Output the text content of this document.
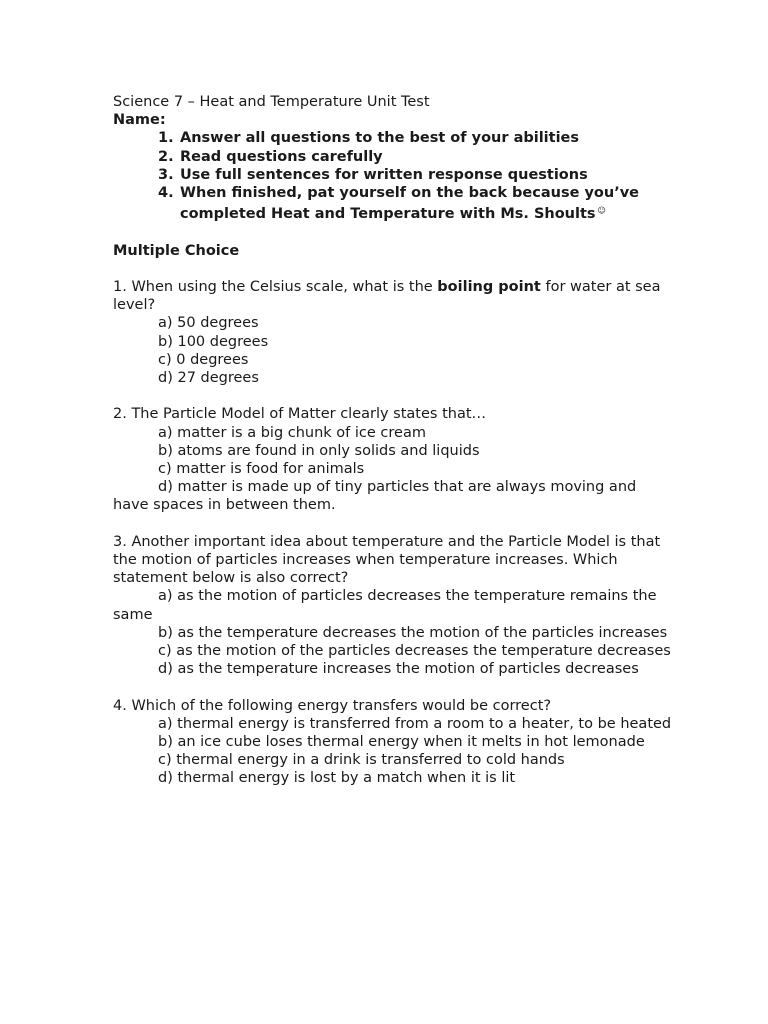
Science 7 – Heat and Temperature Unit Test
Name:
1. Answer all questions to the best of your abilities
2. Read questions carefully
3. Use full sentences for written response questions
4. When finished, pat yourself on the back because you’ve completed Heat and Temperature with Ms. Shoults ☺
Multiple Choice
1. When using the Celsius scale, what is the boiling point for water at sea level?
a) 50 degrees
b) 100 degrees
c) 0 degrees
d) 27 degrees
2. The Particle Model of Matter clearly states that…
a) matter is a big chunk of ice cream
b) atoms are found in only solids and liquids
c) matter is food for animals
d) matter is made up of tiny particles that are always moving and have spaces in between them.
3. Another important idea about temperature and the Particle Model is that the motion of particles increases when temperature increases. Which statement below is also correct?
a) as the motion of particles decreases the temperature remains the same
b) as the temperature decreases the motion of the particles increases
c) as the motion of the particles decreases the temperature decreases
d) as the temperature increases the motion of particles decreases
4. Which of the following energy transfers would be correct?
a) thermal energy is transferred from a room to a heater, to be heated
b) an ice cube loses thermal energy when it melts in hot lemonade
c) thermal energy in a drink is transferred to cold hands
d) thermal energy is lost by a match when it is lit
